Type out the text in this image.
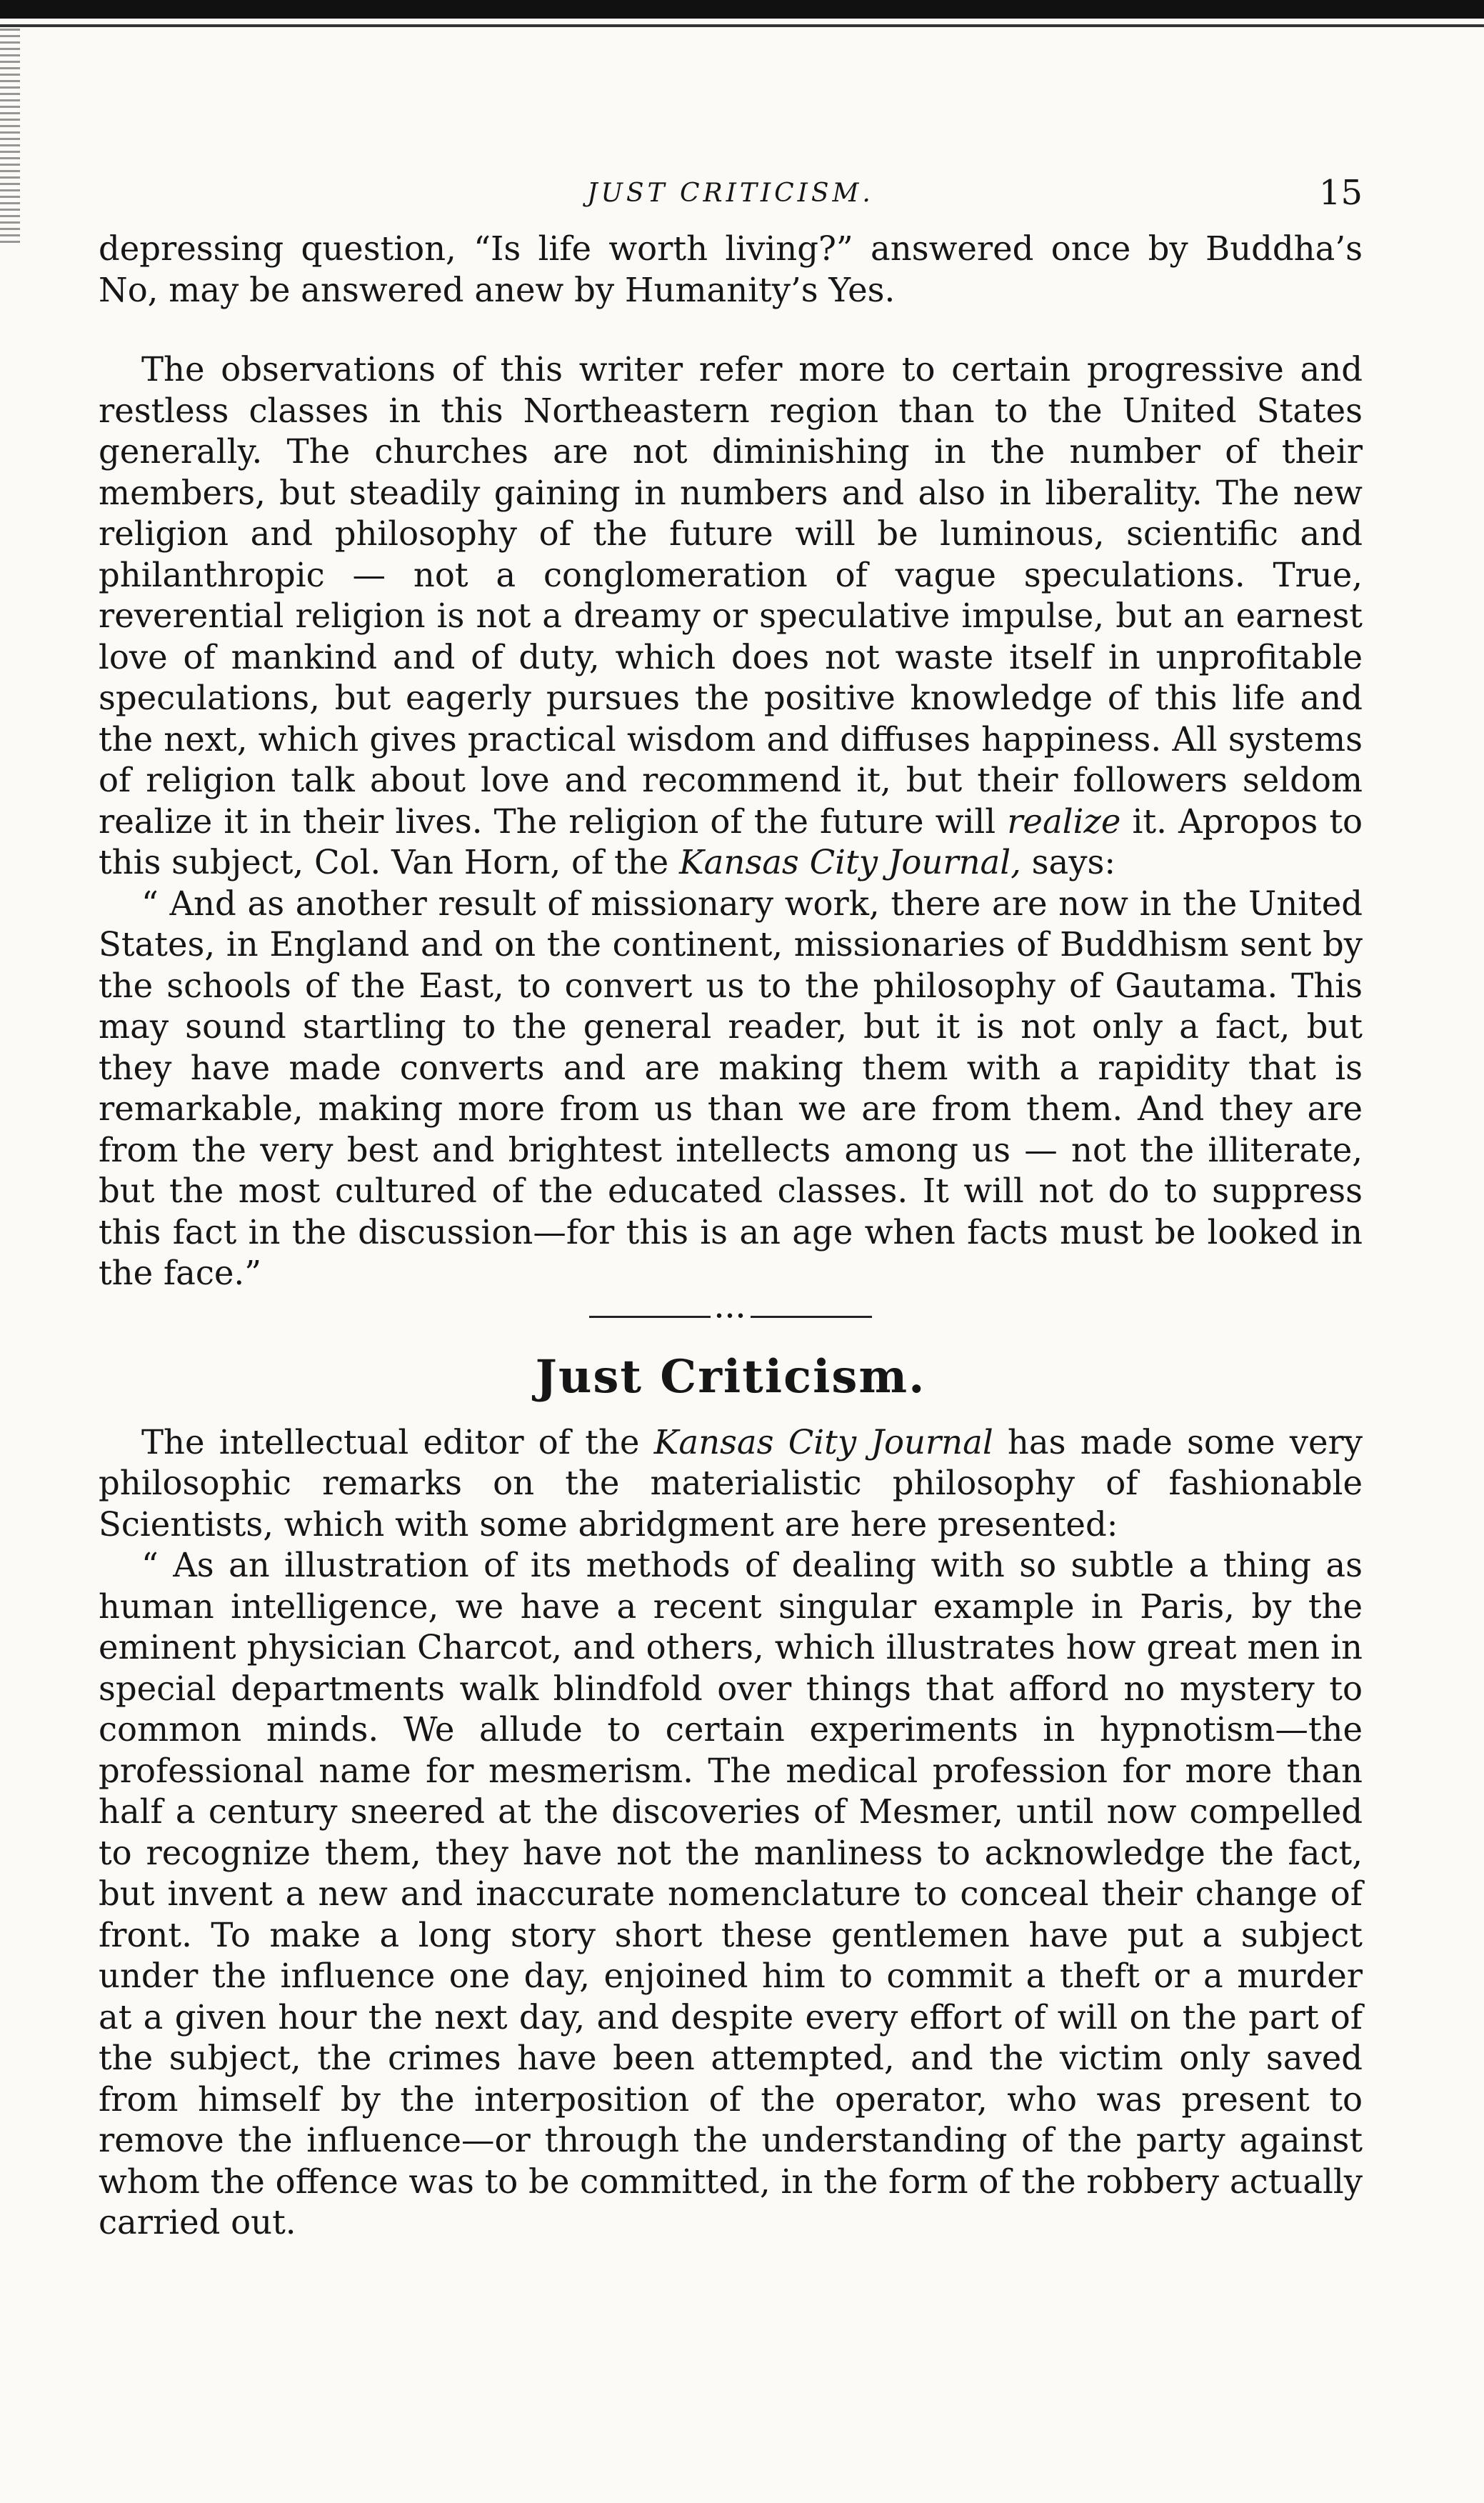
JUST CRITICISM.	15

depressing question, “Is life worth living?” answered once by Buddha’s No, may be answered anew by Humanity’s Yes.

The observations of this writer refer more to certain progressive and restless classes in this Northeastern region than to the United States generally. The churches are not diminishing in the number of their members, but steadily gaining in numbers and also in liberality. The new religion and philosophy of the future will be luminous, scientific and philanthropic — not a conglomeration of vague speculations. True, reverential religion is not a dreamy or speculative impulse, but an earnest love of mankind and of duty, which does not waste itself in unprofitable speculations, but eagerly pursues the positive knowledge of this life and the next, which gives practical wisdom and diffuses happiness. All systems of religion talk about love and recommend it, but their followers seldom realize it in their lives. The religion of the future will realize it. Apropos to this subject, Col. Van Horn, of the Kansas City Journal, says:

“ And as another result of missionary work, there are now in the United States, in England and on the continent, missionaries of Buddhism sent by the schools of the East, to convert us to the philosophy of Gautama. This may sound startling to the general reader, but it is not only a fact, but they have made converts and are making them with a rapidity that is remarkable, making more from us than we are from them. And they are from the very best and brightest intellects among us — not the illiterate, but the most cultured of the educated classes. It will not do to suppress this fact in the discussion—for this is an age when facts must be looked in the face.”

•••
Just Criticism.

The intellectual editor of the Kansas City Journal has made some very philosophic remarks on the materialistic philosophy of fashionable Scientists, which with some abridgment are here presented:

“ As an illustration of its methods of dealing with so subtle a thing as human intelligence, we have a recent singular example in Paris, by the eminent physician Charcot, and others, which illustrates how great men in special departments walk blindfold over things that afford no mystery to common minds. We allude to certain experiments in hypnotism—the professional name for mesmerism. The medical profession for more than half a century sneered at the discoveries of Mesmer, until now compelled to recognize them, they have not the manliness to acknowledge the fact, but invent a new and inaccurate nomenclature to conceal their change of front. To make a long story short these gentlemen have put a subject under the influence one day, enjoined him to commit a theft or a murder at a given hour the next day, and despite every effort of will on the part of the subject, the crimes have been attempted, and the victim only saved from himself by the interposition of the operator, who was present to remove the influence—or through the understanding of the party against whom the offence was to be committed, in the form of the robbery actually carried out.
